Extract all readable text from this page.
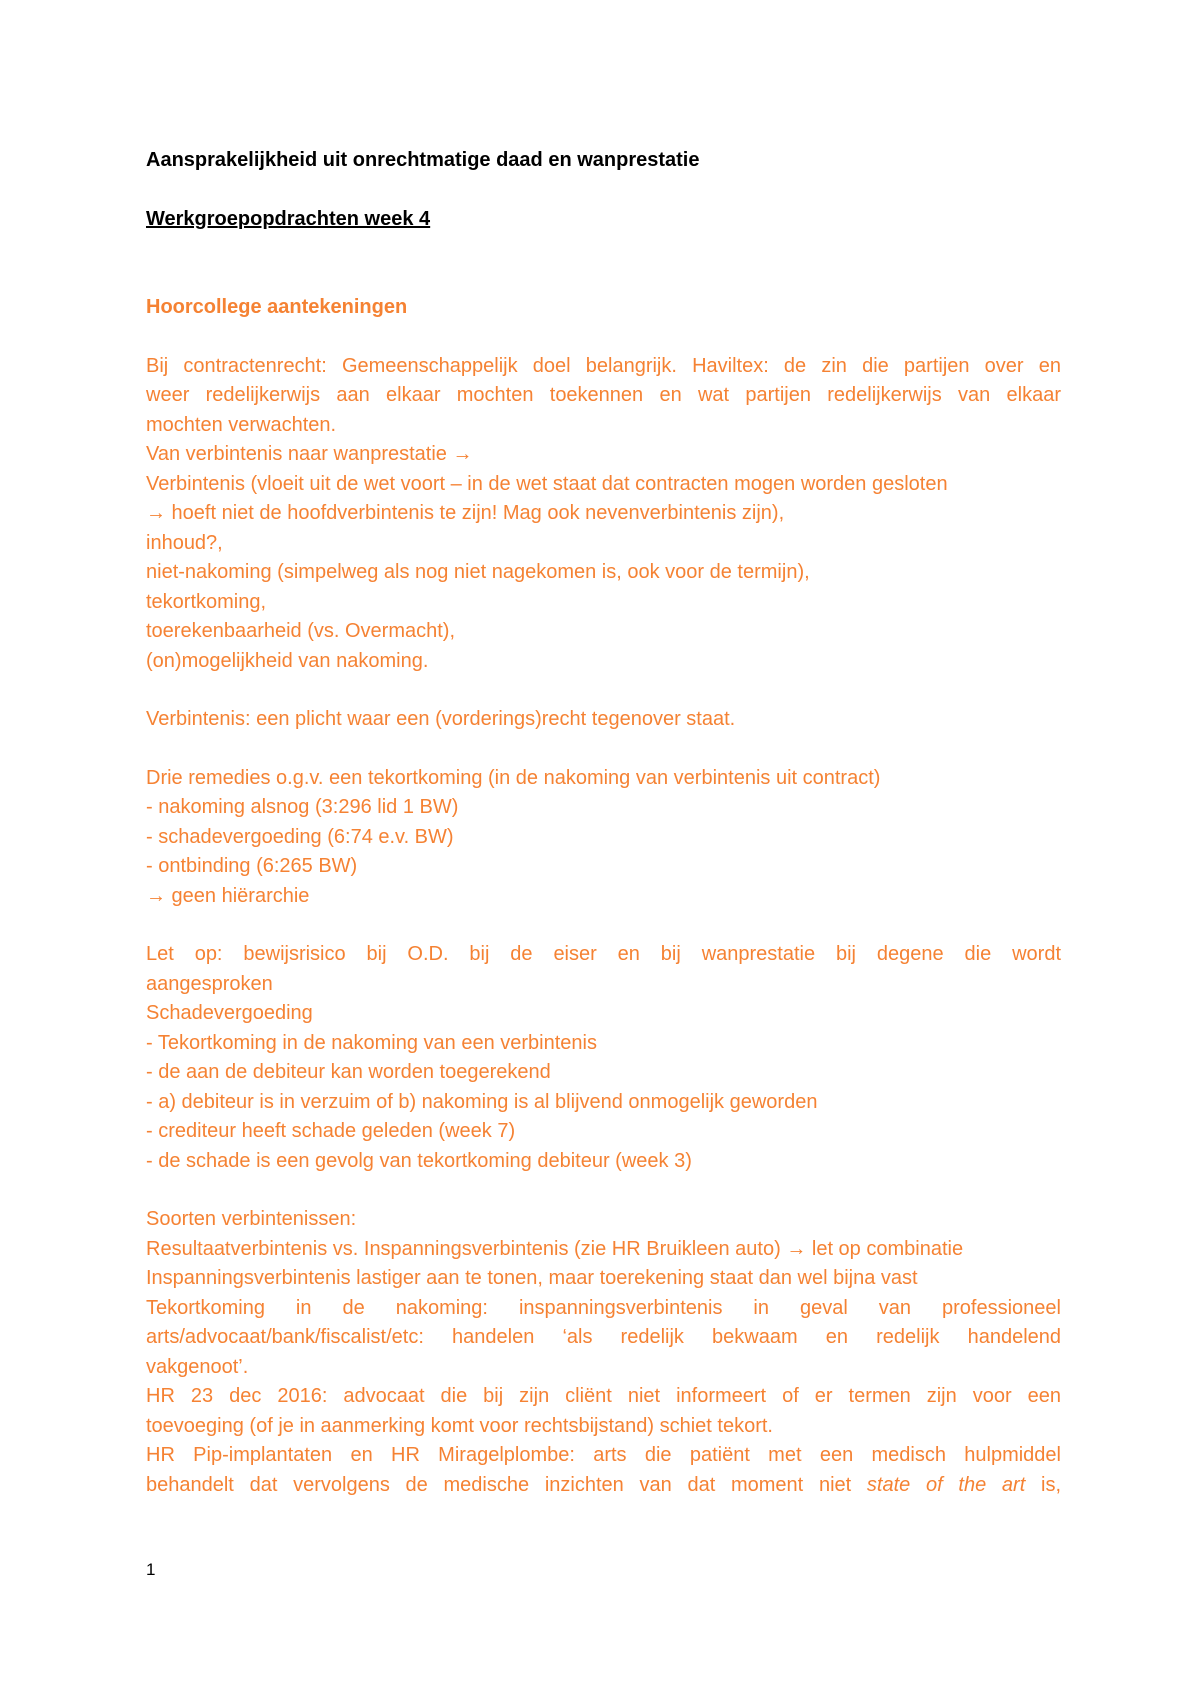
Aansprakelijkheid uit onrechtmatige daad en wanprestatie
Werkgroepopdrachten week 4
Hoorcollege aantekeningen
Bij contractenrecht: Gemeenschappelijk doel belangrijk. Haviltex: de zin die partijen over en
weer redelijkerwijs aan elkaar mochten toekennen en wat partijen redelijkerwijs van elkaar
mochten verwachten.
Van verbintenis naar wanprestatie →
Verbintenis (vloeit uit de wet voort – in de wet staat dat contracten mogen worden gesloten
→ hoeft niet de hoofdverbintenis te zijn! Mag ook nevenverbintenis zijn),
inhoud?,
niet-nakoming (simpelweg als nog niet nagekomen is, ook voor de termijn),
tekortkoming,
toerekenbaarheid (vs. Overmacht),
(on)mogelijkheid van nakoming.
Verbintenis: een plicht waar een (vorderings)recht tegenover staat.
Drie remedies o.g.v. een tekortkoming (in de nakoming van verbintenis uit contract)
- nakoming alsnog (3:296 lid 1 BW)
- schadevergoeding (6:74 e.v. BW)
- ontbinding (6:265 BW)
→ geen hiërarchie
Let op: bewijsrisico bij O.D. bij de eiser en bij wanprestatie bij degene die wordt
aangesproken
Schadevergoeding
- Tekortkoming in de nakoming van een verbintenis
- de aan de debiteur kan worden toegerekend
- a) debiteur is in verzuim of b) nakoming is al blijvend onmogelijk geworden
- crediteur heeft schade geleden (week 7)
- de schade is een gevolg van tekortkoming debiteur (week 3)
Soorten verbintenissen:
Resultaatverbintenis vs. Inspanningsverbintenis (zie HR Bruikleen auto) → let op combinatie
Inspanningsverbintenis lastiger aan te tonen, maar toerekening staat dan wel bijna vast
Tekortkoming in de nakoming: inspanningsverbintenis in geval van professioneel
arts/advocaat/bank/fiscalist/etc: handelen ‘als redelijk bekwaam en redelijk handelend
vakgenoot’.
HR 23 dec 2016: advocaat die bij zijn cliënt niet informeert of er termen zijn voor een
toevoeging (of je in aanmerking komt voor rechtsbijstand) schiet tekort.
HR Pip-implantaten en HR Miragelplombe: arts die patiënt met een medisch hulpmiddel
behandelt dat vervolgens de medische inzichten van dat moment niet state of the art is,
1
